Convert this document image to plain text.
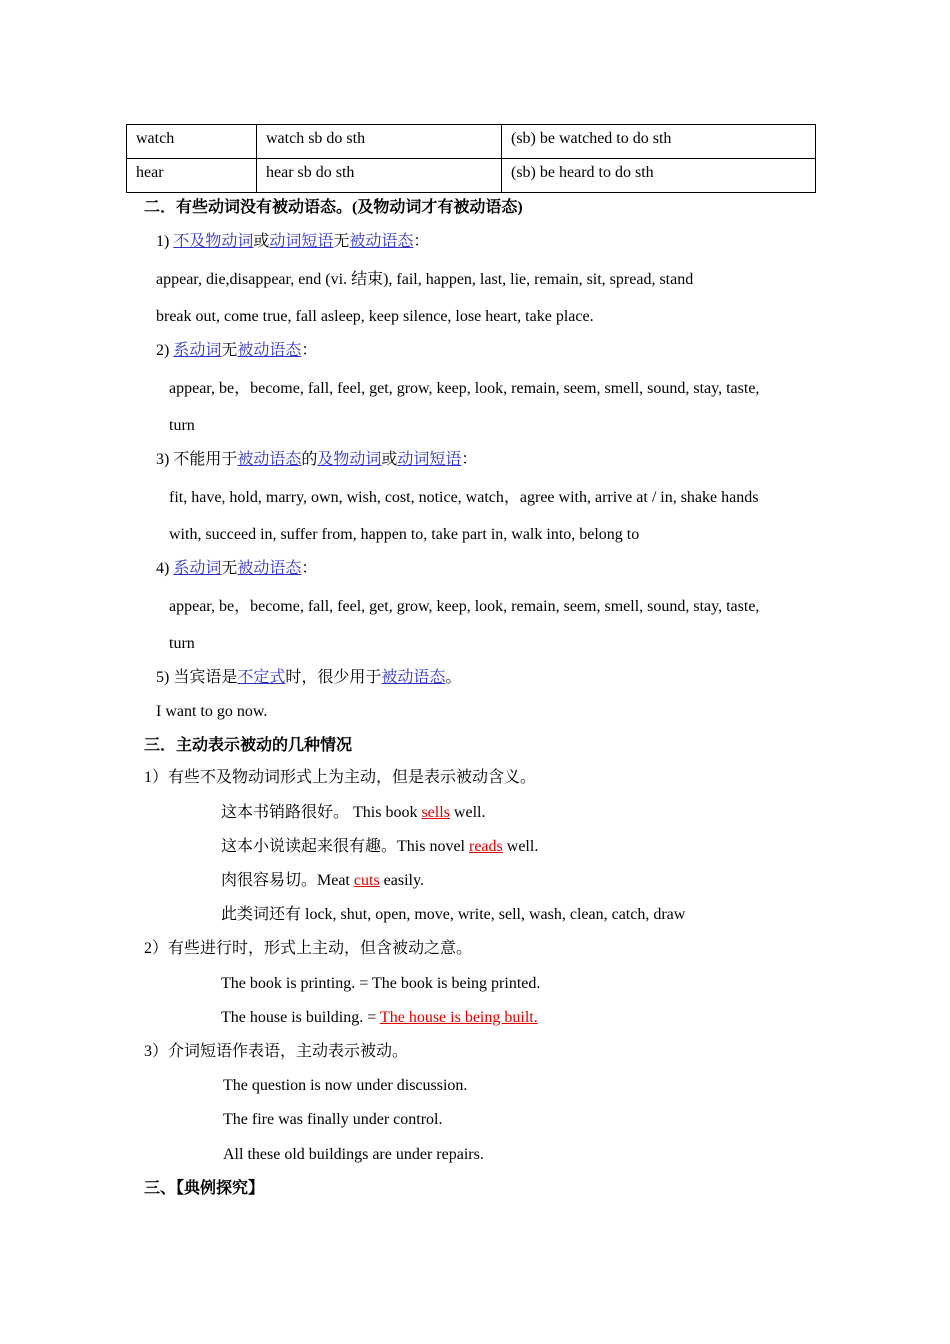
watch	watch sb do sth	(sb) be watched to do sth
hear	hear sb do sth	(sb) be heard to do sth
二．有些动词没有被动语态。(及物动词才有被动语态)
1) 不及物动词或动词短语无被动语态：
appear, die,disappear, end (vi. 结束), fail, happen, last, lie, remain, sit, spread, stand
break out, come true, fall asleep, keep silence, lose heart, take place.
2) 系动词无被动语态：
appear, be，become, fall, feel, get, grow, keep, look, remain, seem, smell, sound, stay, taste,
turn
3) 不能用于被动语态的及物动词或动词短语：
fit, have, hold, marry, own, wish, cost, notice, watch，agree with, arrive at / in, shake hands
with, succeed in, suffer from, happen to, take part in, walk into, belong to
4) 系动词无被动语态：
appear, be，become, fall, feel, get, grow, keep, look, remain, seem, smell, sound, stay, taste,
turn
5) 当宾语是不定式时，很少用于被动语态。
I want to go now.
三．主动表示被动的几种情况
1）有些不及物动词形式上为主动，但是表示被动含义。
这本书销路很好。 This book sells well.
这本小说读起来很有趣。This novel reads well.
肉很容易切。Meat cuts easily.
此类词还有 lock, shut, open, move, write, sell, wash, clean, catch, draw
2）有些进行时，形式上主动，但含被动之意。
The book is printing. = The book is being printed.
The house is building. = The house is being built.
3）介词短语作表语，主动表示被动。
The question is now under discussion.
The fire was finally under control.
All these old buildings are under repairs.
三、【典例探究】
